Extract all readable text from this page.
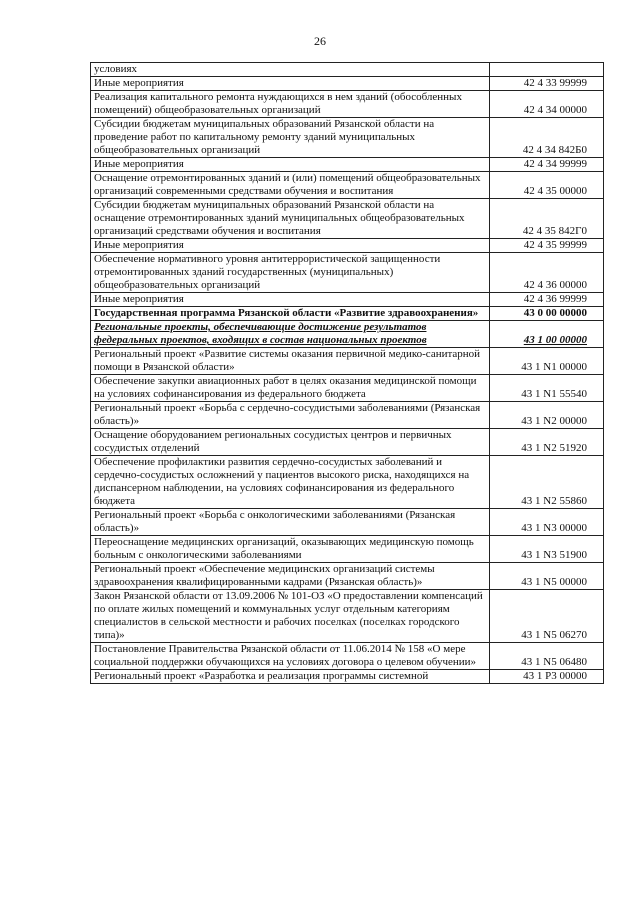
26
условиях	
Иные мероприятия	42 4 33 99999
Реализация капитального ремонта нуждающихся в нем зданий (обособленных помещений) общеобразовательных организаций	42 4 34 00000
Субсидии бюджетам муниципальных образований Рязанской области на проведение работ по капитальному ремонту зданий муниципальных общеобразовательных организаций	42 4 34 842Б0
Иные мероприятия	42 4 34 99999
Оснащение отремонтированных зданий и (или) помещений общеобразовательных организаций современными средствами обучения и воспитания	42 4 35 00000
Субсидии бюджетам муниципальных образований Рязанской области на оснащение отремонтированных зданий муниципальных общеобразовательных организаций средствами обучения и воспитания	42 4 35 842Г0
Иные мероприятия	42 4 35 99999
Обеспечение нормативного уровня антитеррористической защищенности отремонтированных зданий государственных (муниципальных) общеобразовательных организаций	42 4 36 00000
Иные мероприятия	42 4 36 99999
Государственная программа Рязанской области «Развитие здравоохранения»	43 0 00 00000
Региональные проекты, обеспечивающие достижение результатов федеральных проектов, входящих в состав национальных проектов	43 1 00 00000
Региональный проект «Развитие системы оказания первичной медико-санитарной помощи в Рязанской области»	43 1 N1 00000
Обеспечение закупки авиационных работ в целях оказания медицинской помощи на условиях софинансирования из федерального бюджета	43 1 N1 55540
Региональный проект «Борьба с сердечно-сосудистыми заболеваниями (Рязанская область)»	43 1 N2 00000
Оснащение оборудованием региональных сосудистых центров и первичных сосудистых отделений	43 1 N2 51920
Обеспечение профилактики развития сердечно-сосудистых заболеваний и сердечно-сосудистых осложнений у пациентов высокого риска, находящихся на диспансерном наблюдении, на условиях софинансирования из федерального бюджета	43 1 N2 55860
Региональный проект «Борьба с онкологическими заболеваниями (Рязанская область)»	43 1 N3 00000
Переоснащение медицинских организаций, оказывающих медицинскую помощь больным с онкологическими заболеваниями	43 1 N3 51900
Региональный проект «Обеспечение медицинских организаций системы здравоохранения квалифицированными кадрами (Рязанская область)»	43 1 N5 00000
Закон Рязанской области от 13.09.2006 № 101-ОЗ «О предоставлении компенсаций по оплате жилых помещений и коммунальных услуг отдельным категориям специалистов в сельской местности и рабочих поселках (поселках городского типа)»	43 1 N5 06270
Постановление Правительства Рязанской области от 11.06.2014 № 158 «О мере социальной поддержки обучающихся на условиях договора о целевом обучении»	43 1 N5 06480
Региональный проект «Разработка и реализация программы системной	43 1 Р3 00000
